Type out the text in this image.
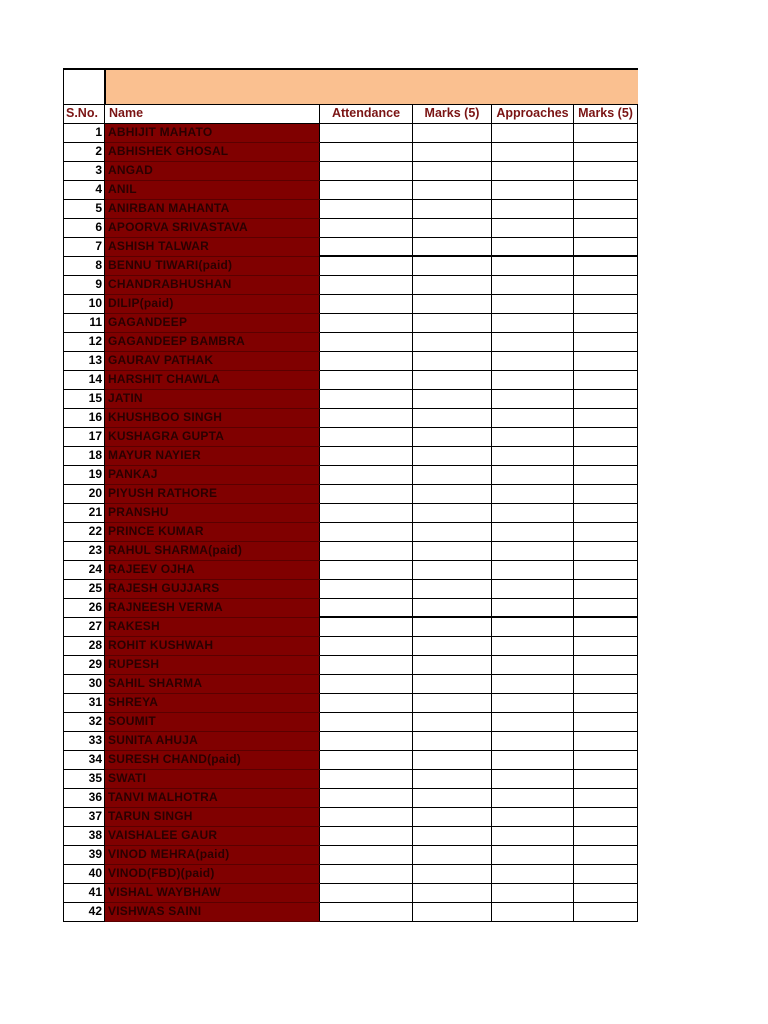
S.No.	Name	Attendance	Marks (5)	Approaches	Marks (5)
1	ABHIJIT MAHATO				
2	ABHISHEK GHOSAL				
3	ANGAD				
4	ANIL				
5	ANIRBAN MAHANTA				
6	APOORVA SRIVASTAVA				
7	ASHISH TALWAR				
8	BENNU TIWARI(paid)				
9	CHANDRABHUSHAN				
10	DILIP(paid)				
11	GAGANDEEP				
12	GAGANDEEP BAMBRA				
13	GAURAV PATHAK				
14	HARSHIT CHAWLA				
15	JATIN				
16	KHUSHBOO SINGH				
17	KUSHAGRA GUPTA				
18	MAYUR NAYIER				
19	PANKAJ				
20	PIYUSH RATHORE				
21	PRANSHU				
22	PRINCE KUMAR				
23	RAHUL SHARMA(paid)				
24	RAJEEV OJHA				
25	RAJESH GUJJARS				
26	RAJNEESH VERMA				
27	RAKESH				
28	ROHIT KUSHWAH				
29	RUPESH				
30	SAHIL SHARMA				
31	SHREYA				
32	SOUMIT				
33	SUNITA AHUJA				
34	SURESH CHAND(paid)				
35	SWATI				
36	TANVI MALHOTRA				
37	TARUN SINGH				
38	VAISHALEE GAUR				
39	VINOD MEHRA(paid)				
40	VINOD(FBD)(paid)				
41	VISHAL WAYBHAW				
42	VISHWAS SAINI				
